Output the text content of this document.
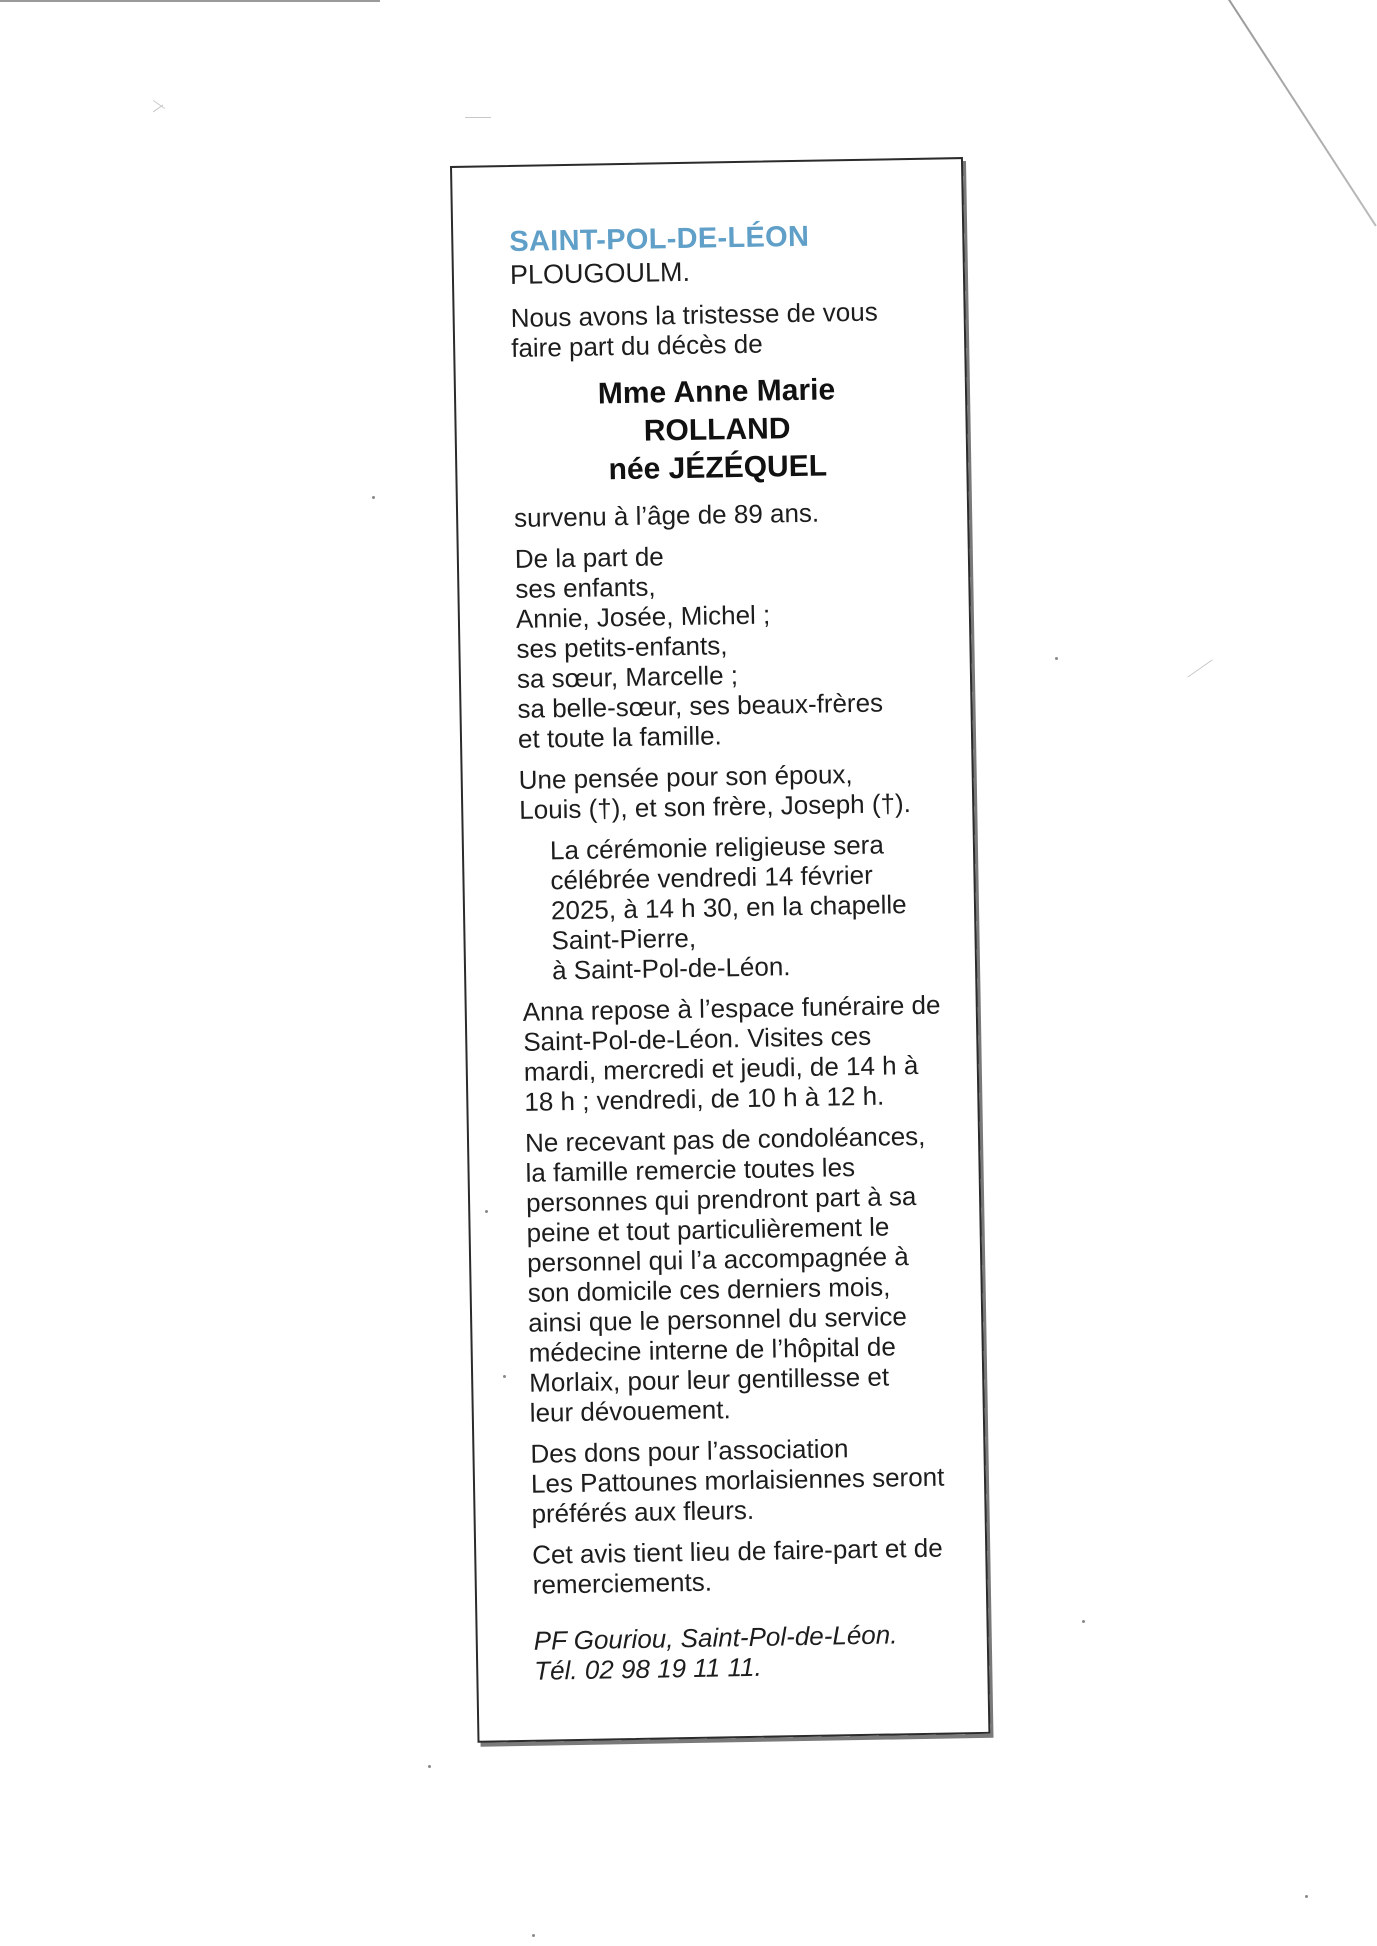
SAINT-POL-DE-LÉON
PLOUGOULM.
Nous avons la tristesse de vous
faire part du décès de
Mme Anne Marie
ROLLAND
née JÉZÉQUEL
survenu à l’âge de 89 ans.
De la part de
ses enfants,
Annie, Josée, Michel ;
ses petits-enfants,
sa sœur, Marcelle ;
sa belle-sœur, ses beaux-frères
et toute la famille.
Une pensée pour son époux,
Louis (†), et son frère, Joseph (†).
La cérémonie religieuse sera
célébrée vendredi 14 février
2025, à 14 h 30, en la chapelle
Saint-Pierre,
à Saint-Pol-de-Léon.
Anna repose à l’espace funéraire de
Saint-Pol-de-Léon. Visites ces
mardi, mercredi et jeudi, de 14 h à
18 h ; vendredi, de 10 h à 12 h.
Ne recevant pas de condoléances,
la famille remercie toutes les
personnes qui prendront part à sa
peine et tout particulièrement le
personnel qui l’a accompagnée à
son domicile ces derniers mois,
ainsi que le personnel du service
médecine interne de l’hôpital de
Morlaix, pour leur gentillesse et
leur dévouement.
Des dons pour l’association
Les Pattounes morlaisiennes seront
préférés aux fleurs.
Cet avis tient lieu de faire-part et de
remerciements.
PF Gouriou, Saint-Pol-de-Léon.
Tél. 02 98 19 11 11.
